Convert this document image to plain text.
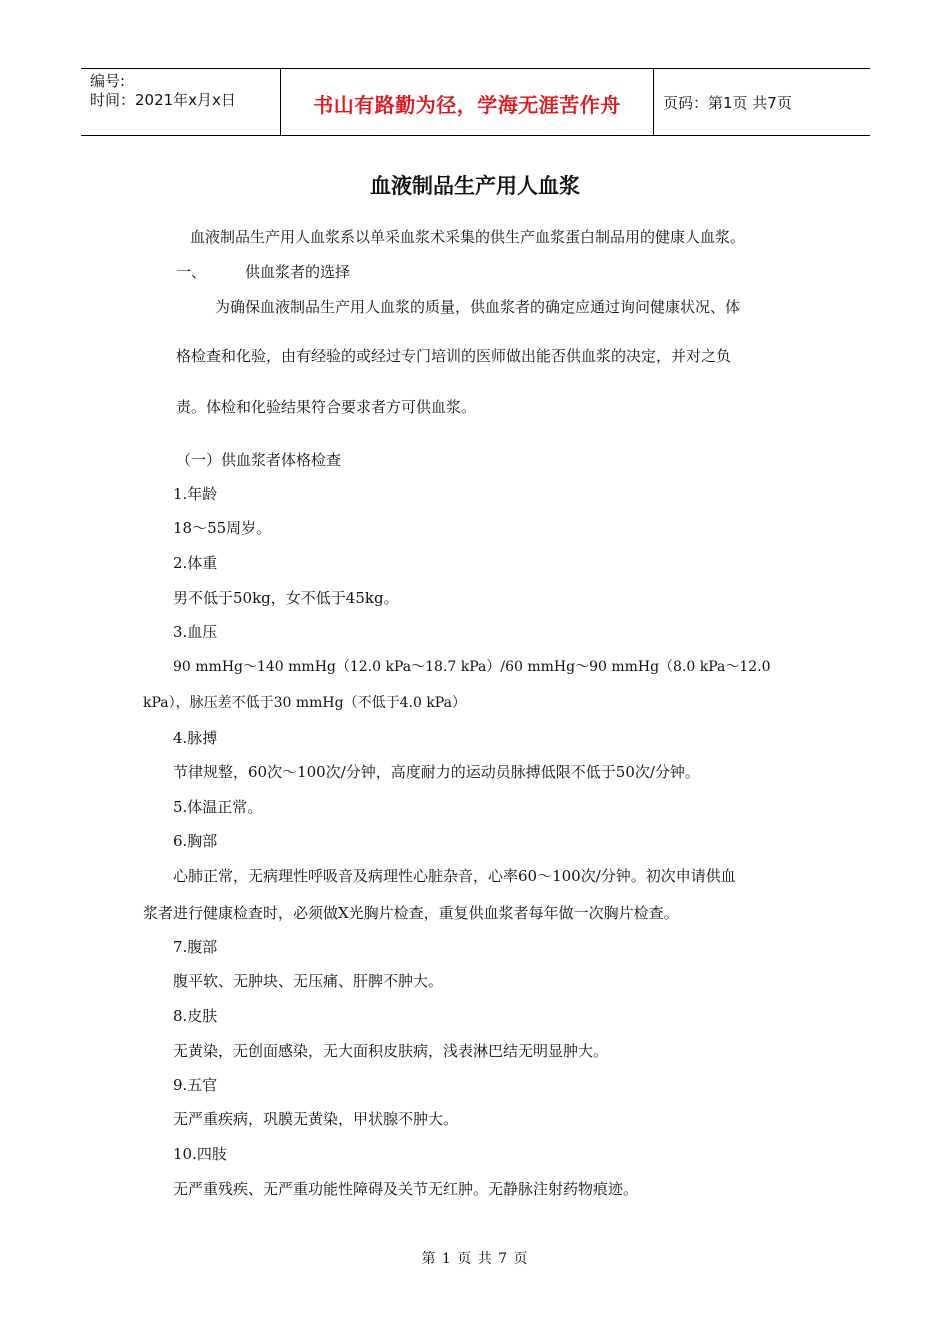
编号:
时间：2021年x月x日	书山有路勤为径，学海无涯苦作舟	页码：第1页 共7页
血液制品生产用人血浆
血液制品生产用人血浆系以单采血浆术采集的供生产血浆蛋白制品用的健康人血浆。
一、	供血浆者的选择
为确保血液制品生产用人血浆的质量，供血浆者的确定应通过询问健康状况、体
格检查和化验，由有经验的或经过专门培训的医师做出能否供血浆的决定，并对之负
责。体检和化验结果符合要求者方可供血浆。
（一）供血浆者体格检查
1.年龄
18～55周岁。
2.体重
男不低于50kg，女不低于45kg。
3.血压
90 mmHg～140 mmHg（12.0 kPa～18.7 kPa）/60 mmHg～90 mmHg（8.0 kPa～12.0
kPa），脉压差不低于30 mmHg（不低于4.0 kPa）
4.脉搏
节律规整，60次～100次/分钟，高度耐力的运动员脉搏低限不低于50次/分钟。
5.体温正常。
6.胸部
心肺正常，无病理性呼吸音及病理性心脏杂音，心率60～100次/分钟。初次申请供血
浆者进行健康检查时，必须做X光胸片检查，重复供血浆者每年做一次胸片检查。
7.腹部
腹平软、无肿块、无压痛、肝脾不肿大。
8.皮肤
无黄染，无创面感染，无大面积皮肤病，浅表淋巴结无明显肿大。
9.五官
无严重疾病，巩膜无黄染，甲状腺不肿大。
10.四肢
无严重残疾、无严重功能性障碍及关节无红肿。无静脉注射药物痕迹。
第 1 页 共 7 页
